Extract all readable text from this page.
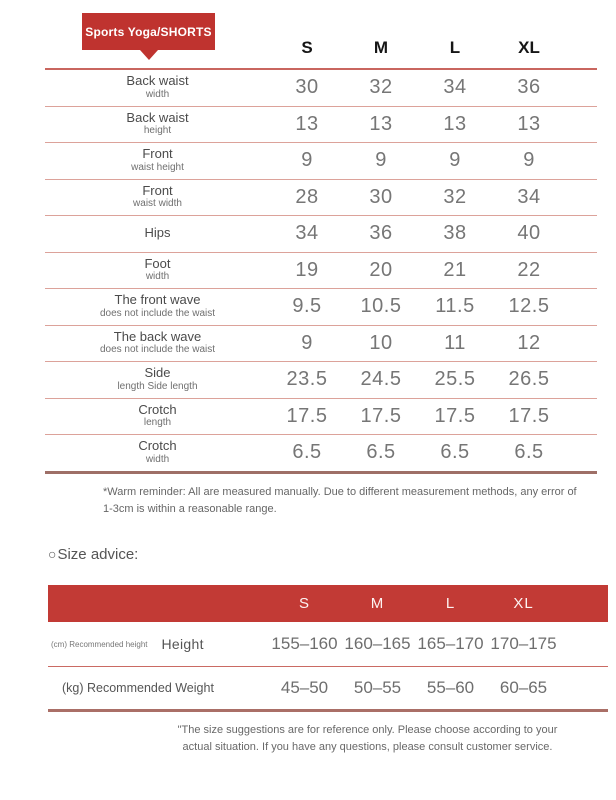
Sports Yoga/SHORTS
S	M	L	XL
Back waist
width	30	32	34	36
Back waist
height	13	13	13	13
Front
waist height	9	9	9	9
Front
waist width	28	30	32	34
Hips	34	36	38	40
Foot
width	19	20	21	22
The front wave
does not include the waist	9.5	10.5	11.5	12.5
The back wave
does not include the waist	9	10	11	12
Side
length Side length	23.5	24.5	25.5	26.5
Crotch
length	17.5	17.5	17.5	17.5
Crotch
width	6.5	6.5	6.5	6.5

*Warm reminder: All are measured manually. Due to different measurement methods, any error of 1-3cm is within a reasonable range.

○Size advice:
S	M	L	XL
(cm) Recommended height Height	155–160 160–165 165–170 170–175
(kg) Recommended Weight	45–50	50–55	55–60	60–65

"The size suggestions are for reference only. Please choose according to your actual situation. If you have any questions, please consult customer service.
